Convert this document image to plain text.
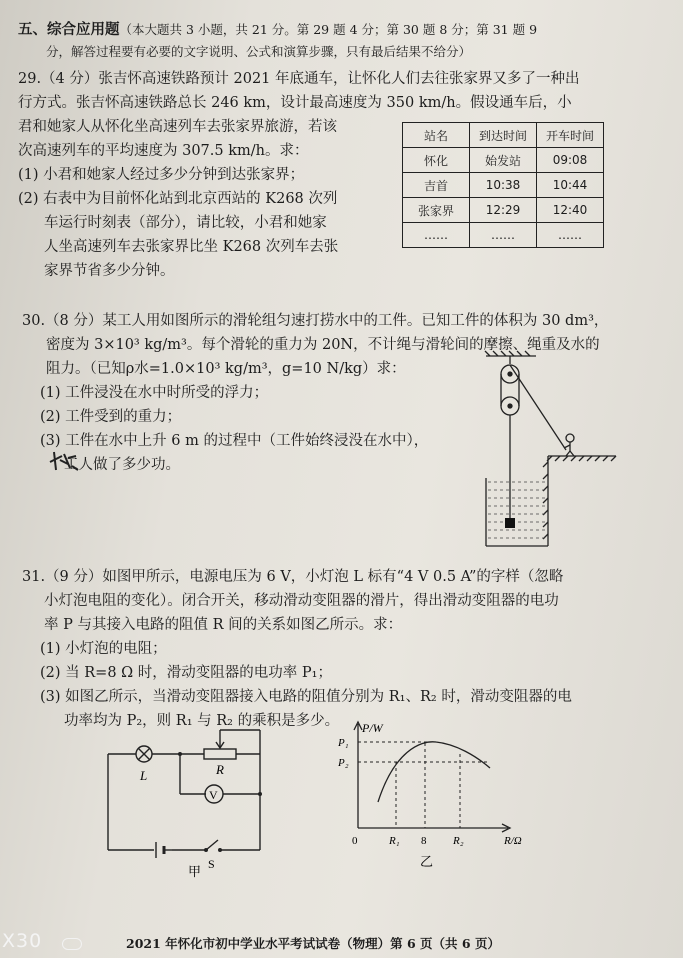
五、综合应用题（本大题共 3 小题，共 21 分。第 29 题 4 分；第 30 题 8 分；第 31 题 9
分，解答过程要有必要的文字说明、公式和演算步骤，只有最后结果不给分）
29.（4 分）张吉怀高速铁路预计 2021 年底通车，让怀化人们去往张家界又多了一种出
行方式。张吉怀高速铁路总长 246 km，设计最高速度为 350 km/h。假设通车后，小
君和她家人从怀化坐高速列车去张家界旅游，若该
次高速列车的平均速度为 307.5 km/h。求：
(1) 小君和她家人经过多少分钟到达张家界；
(2) 右表中为目前怀化站到北京西站的 K268 次列
车运行时刻表（部分），请比较，小君和她家
人坐高速列车去张家界比坐 K268 次列车去张
家界节省多少分钟。
站名	到达时间	开车时间
怀化	始发站	09:08
吉首	10:38	10:44
张家界	12:29	12:40
……	……	……
30.（8 分）某工人用如图所示的滑轮组匀速打捞水中的工件。已知工件的体积为 30 dm³，
密度为 3×10³ kg/m³。每个滑轮的重力为 20N，不计绳与滑轮间的摩擦、绳重及水的
阻力。（已知ρ水=1.0×10³ kg/m³，g=10 N/kg）求：
(1) 工件浸没在水中时所受的浮力；
(2) 工件受到的重力；
(3) 工件在水中上升 6 m 的过程中（工件始终浸没在水中），
工人做了多少功。
31.（9 分）如图甲所示，电源电压为 6 V，小灯泡 L 标有“4 V 0.5 A”的字样（忽略
小灯泡电阻的变化）。闭合开关，移动滑动变阻器的滑片，得出滑动变阻器的电功
率 P 与其接入电路的阻值 R 间的关系如图乙所示。求：
(1) 小灯泡的电阻；
(2) 当 R=8 Ω 时，滑动变阻器的电功率 P₁；
(3) 如图乙所示，当滑动变阻器接入电路的阻值分别为 R₁、R₂ 时，滑动变阻器的电
功率均为 P₂，则 R₁ 与 R₂ 的乘积是多少。
L	R
V
S
甲
P/W
P₁
P₂
0	R₁ 8 R₂	R/Ω
乙
2021 年怀化市初中学业水平考试试卷（物理）第 6 页（共 6 页）
X30
